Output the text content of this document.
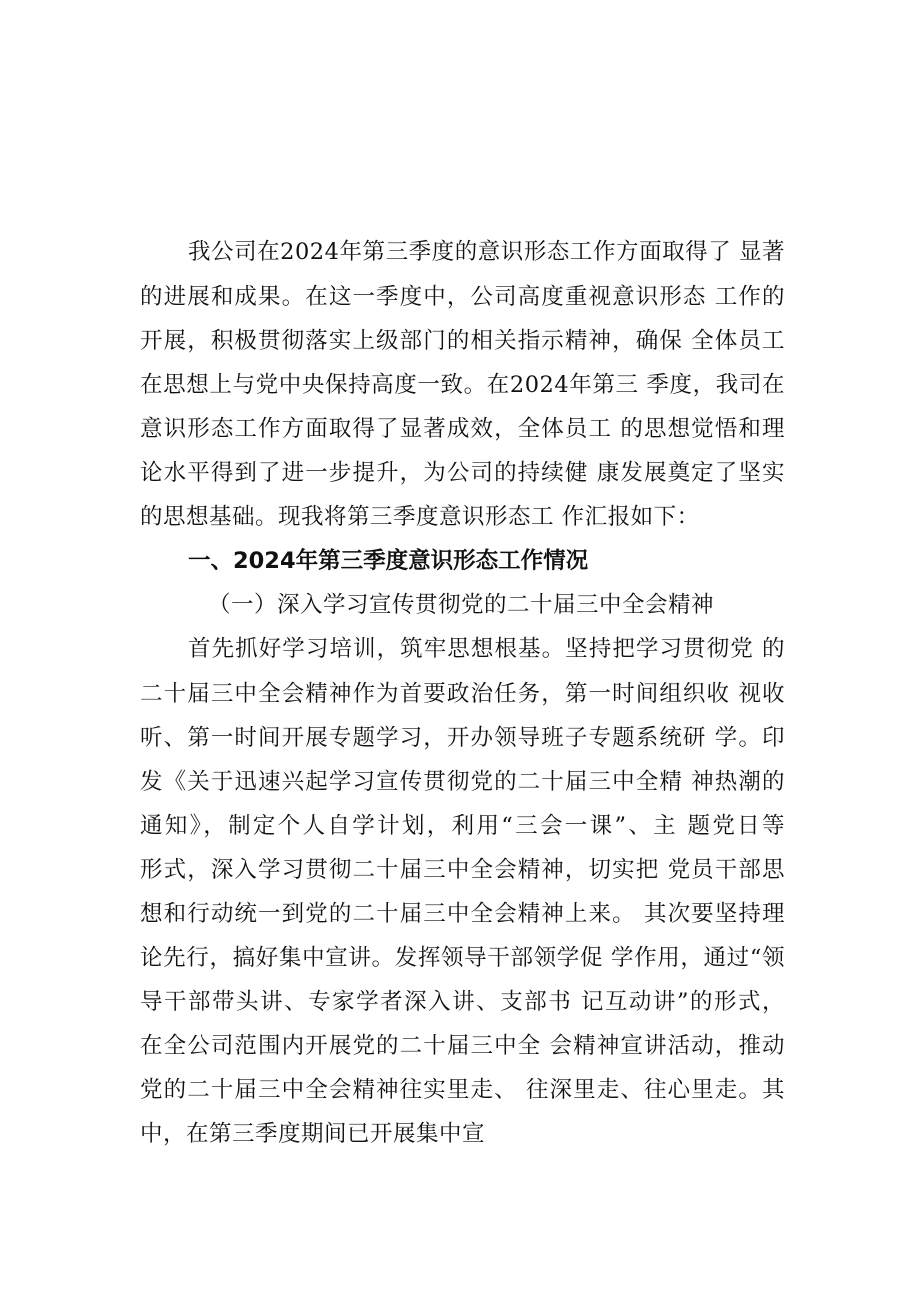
我公司在2024年第三季度的意识形态工作方面取得了 显著
的进展和成果。在这一季度中，公司高度重视意识形态 工作的
开展，积极贯彻落实上级部门的相关指示精神，确保 全体员工
在思想上与党中央保持高度一致。在2024年第三 季度，我司在
意识形态工作方面取得了显著成效，全体员工 的思想觉悟和理
论水平得到了进一步提升，为公司的持续健 康发展奠定了坚实
的思想基础。现我将第三季度意识形态工 作汇报如下：
一、2024年第三季度意识形态工作情况
（一）深入学习宣传贯彻党的二十届三中全会精神
首先抓好学习培训，筑牢思想根基。坚持把学习贯彻党 的
二十届三中全会精神作为首要政治任务，第一时间组织收 视收
听、第一时间开展专题学习，开办领导班子专题系统研 学。印
发《关于迅速兴起学习宣传贯彻党的二十届三中全精 神热潮的
通知》，制定个人自学计划，利用“三会一课”、主 题党日等
形式，深入学习贯彻二十届三中全会精神，切实把 党员干部思
想和行动统一到党的二十届三中全会精神上来。 其次要坚持理
论先行，搞好集中宣讲。发挥领导干部领学促 学作用，通过“领
导干部带头讲、专家学者深入讲、支部书 记互动讲”的形式，
在全公司范围内开展党的二十届三中全 会精神宣讲活动，推动
党的二十届三中全会精神往实里走、 往深里走、往心里走。其
中，在第三季度期间已开展集中宣
